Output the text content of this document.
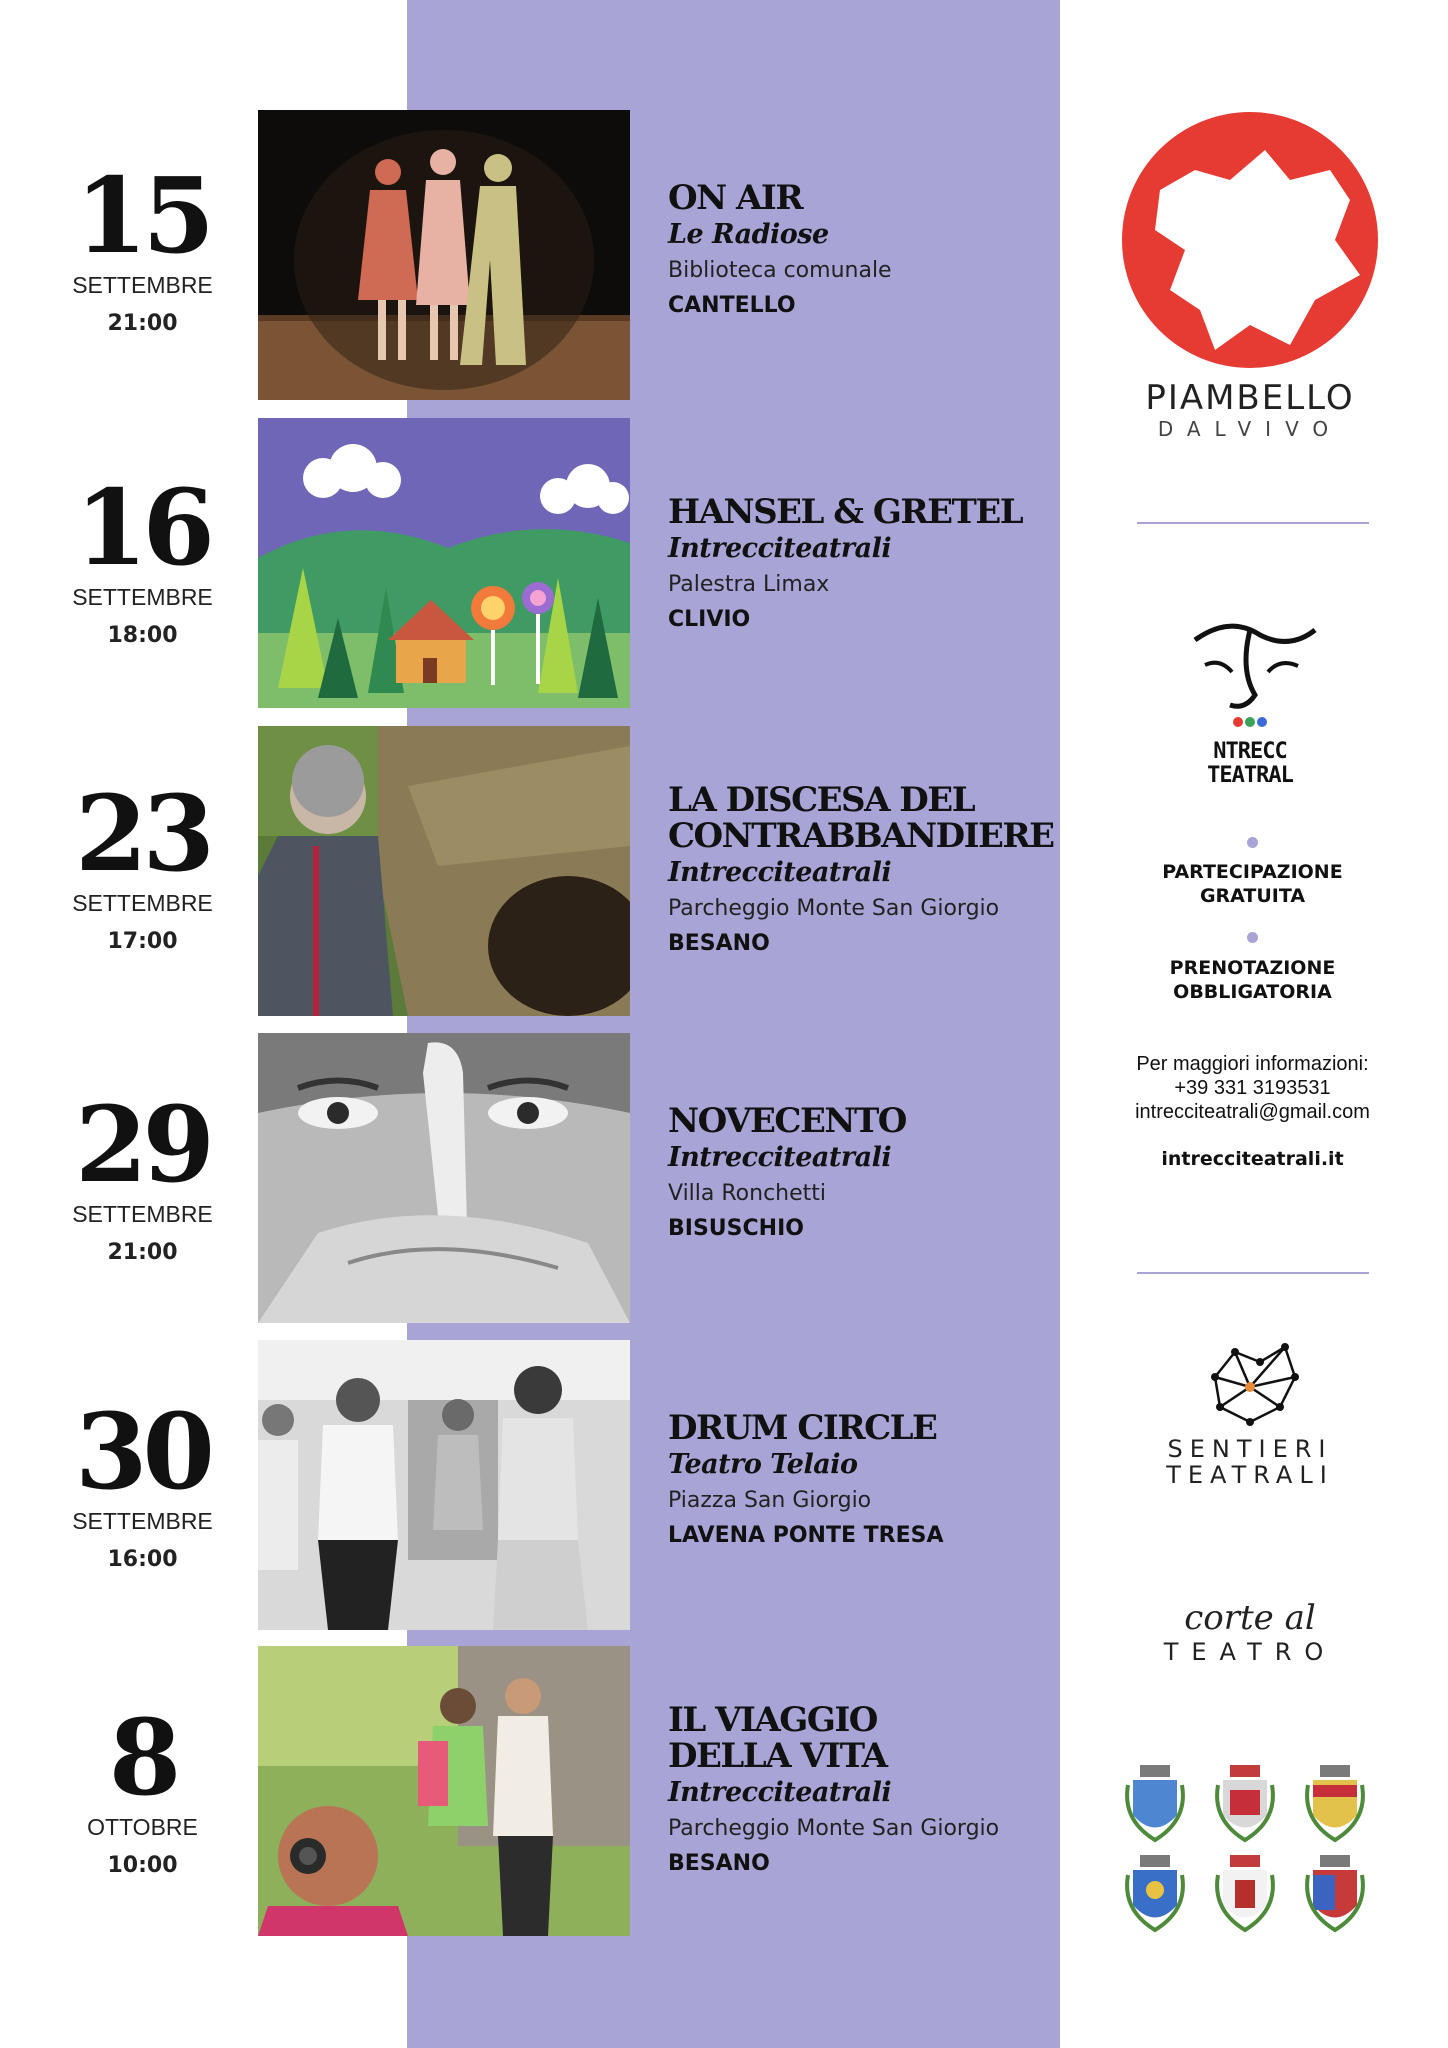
15
SETTEMBRE
21:00
ON AIR
Le Radiose
Biblioteca comunale
CANTELLO
16
SETTEMBRE
18:00
HANSEL & GRETEL
Intrecciteatrali
Palestra Limax
CLIVIO
23
SETTEMBRE
17:00
LA DISCESA DEL
CONTRABBANDIERE
Intrecciteatrali
Parcheggio Monte San Giorgio
BESANO
29
SETTEMBRE
21:00
NOVECENTO
Intrecciteatrali
Villa Ronchetti
BISUSCHIO
30
SETTEMBRE
16:00
DRUM CIRCLE
Teatro Telaio
Piazza San Giorgio
LAVENA PONTE TRESA
8
OTTOBRE
10:00
IL VIAGGIO
DELLA VITA
Intrecciteatrali
Parcheggio Monte San Giorgio
BESANO
PIAMBELLO
DALVIVO
NTRECC
TEATRAL
PARTECIPAZIONE GRATUITA
PRENOTAZIONE OBBLIGATORIA
Per maggiori informazioni:
+39 331 3193531
intrecciteatrali@gmail.com
intrecciteatrali.it
SENTIERI
TEATRALI
corte al
TEATRO
